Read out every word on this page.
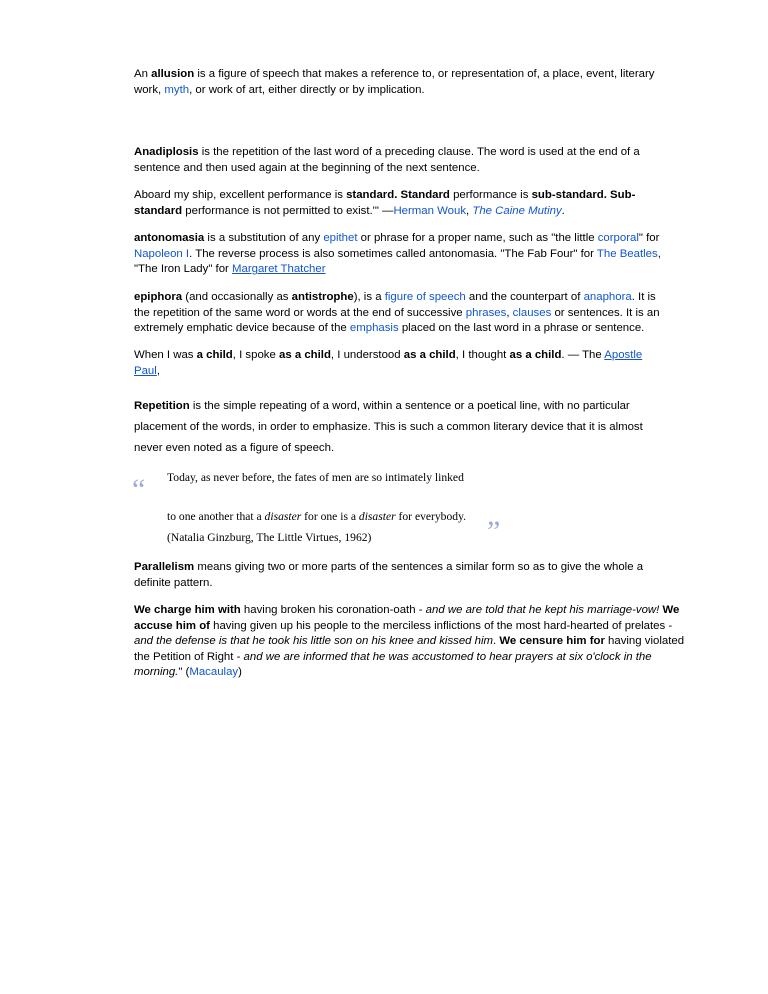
An allusion is a figure of speech that makes a reference to, or representation of, a place, event, literary work, myth, or work of art, either directly or by implication.

Anadiplosis is the repetition of the last word of a preceding clause. The word is used at the end of a sentence and then used again at the beginning of the next sentence.

Aboard my ship, excellent performance is standard. Standard performance is sub-standard. Sub-standard performance is not permitted to exist.'" —Herman Wouk, The Caine Mutiny.

antonomasia is a substitution of any epithet or phrase for a proper name, such as "the little corporal" for Napoleon I. The reverse process is also sometimes called antonomasia. "The Fab Four" for The Beatles, "The Iron Lady" for Margaret Thatcher

epiphora (and occasionally as antistrophe), is a figure of speech and the counterpart of anaphora. It is the repetition of the same word or words at the end of successive phrases, clauses or sentences. It is an extremely emphatic device because of the emphasis placed on the last word in a phrase or sentence.

When I was a child, I spoke as a child, I understood as a child, I thought as a child. — The Apostle Paul,

Repetition is the simple repeating of a word, within a sentence or a poetical line, with no particular placement of the words, in order to emphasize. This is such a common literary device that it is almost never even noted as a figure of speech.

“ Today, as never before, the fates of men are so intimately linked
to one another that a disaster for one is a disaster for everybody. ”
(Natalia Ginzburg, The Little Virtues, 1962)

Parallelism means giving two or more parts of the sentences a similar form so as to give the whole a definite pattern.

We charge him with having broken his coronation-oath - and we are told that he kept his marriage-vow! We accuse him of having given up his people to the merciless inflictions of the most hard-hearted of prelates - and the defense is that he took his little son on his knee and kissed him. We censure him for having violated the Petition of Right - and we are informed that he was accustomed to hear prayers at six o'clock in the morning." (Macaulay)
